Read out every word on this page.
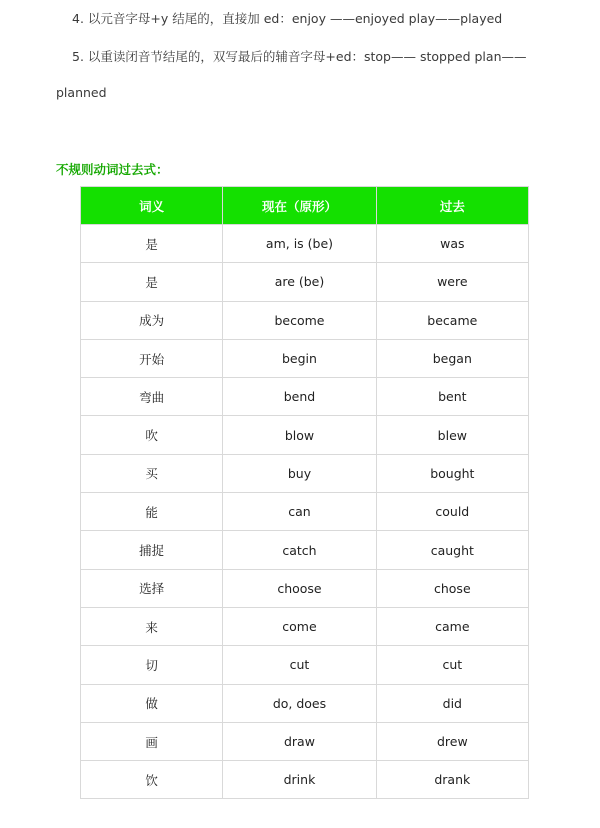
4. 以元音字母+y 结尾的，直接加 ed：enjoy ——enjoyed play——played
5. 以重读闭音节结尾的，双写最后的辅音字母+ed：stop—— stopped plan——
planned
不规则动词过去式：
词义	现在（原形）	过去
是	am, is (be)	was
是	are (be)	were
成为	become	became
开始	begin	began
弯曲	bend	bent
吹	blow	blew
买	buy	bought
能	can	could
捕捉	catch	caught
选择	choose	chose
来	come	came
切	cut	cut
做	do, does	did
画	draw	drew
饮	drink	drank
